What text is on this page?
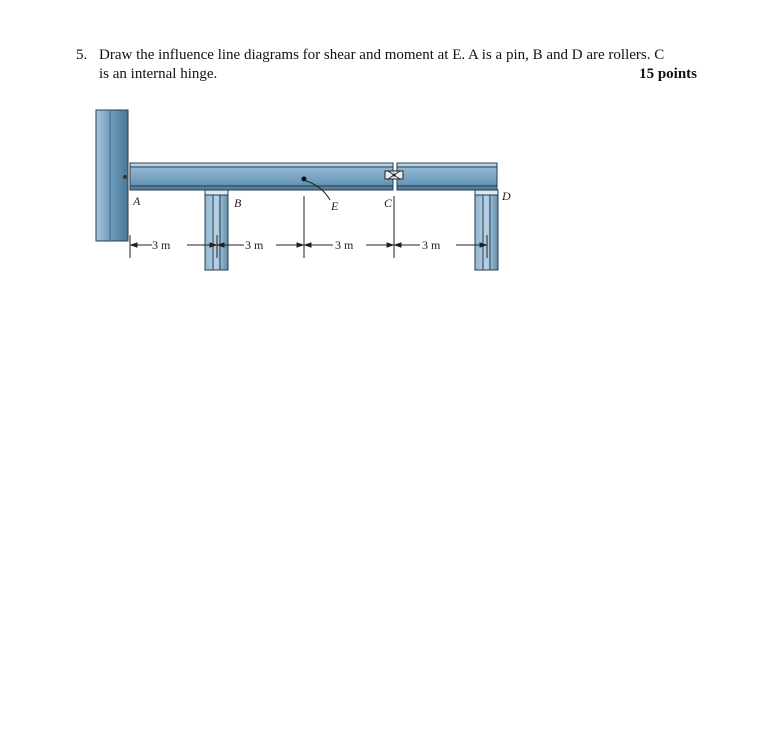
5. Draw the influence line diagrams for shear and moment at E. A is a pin, B and D are rollers. C
is an internal hinge.	15 points
3 m	3 m	3 m	3 m
A	B	E	C	D
